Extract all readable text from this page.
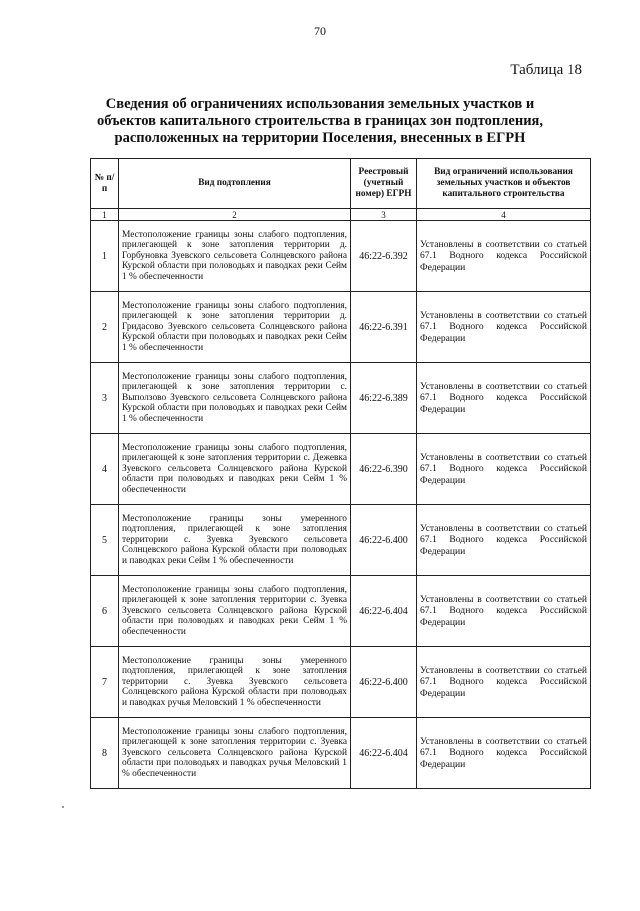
70
Таблица 18
Сведения об ограничениях использования земельных участков и
объектов капитального строительства в границах зон подтопления,
расположенных на территории Поселения, внесенных в ЕГРН
№ п/п	Вид подтопления	Реестровый (учетный номер) ЕГРН	Вид ограничений использования земельных участков и объектов капитального строительства
1	2	3	4
1	Местоположение границы зоны слабого подтопления, прилегающей к зоне затопления территории д. Горбуновка Зуевского сельсовета Солнцевского района Курской области при половодьях и паводках реки Сейм 1 % обеспеченности	46:22-6.392	Установлены в соответствии со статьей 67.1 Водного кодекса Российской Федерации
2	Местоположение границы зоны слабого подтопления, прилегающей к зоне затопления территории д. Гридасово Зуевского сельсовета Солнцевского района Курской области при половодьях и паводках реки Сейм 1 % обеспеченности	46:22-6.391	Установлены в соответствии со статьей 67.1 Водного кодекса Российской Федерации
3	Местоположение границы зоны слабого подтопления, прилегающей к зоне затопления территории с. Выползово Зуевского сельсовета Солнцевского района Курской области при половодьях и паводках реки Сейм 1 % обеспеченности	46:22-6.389	Установлены в соответствии со статьей 67.1 Водного кодекса Российской Федерации
4	Местоположение границы зоны слабого подтопления, прилегающей к зоне затопления территории с. Дежевка Зуевского сельсовета Солнцевского района Курской области при половодьях и паводках реки Сейм 1 % обеспеченности	46:22-6.390	Установлены в соответствии со статьей 67.1 Водного кодекса Российской Федерации
5	Местоположение границы зоны умеренного подтопления, прилегающей к зоне затопления территории с. Зуевка Зуевского сельсовета Солнцевского района Курской области при половодьях и паводках реки Сейм 1 % обеспеченности	46:22-6.400	Установлены в соответствии со статьей 67.1 Водного кодекса Российской Федерации
6	Местоположение границы зоны слабого подтопления, прилегающей к зоне затопления территории с. Зуевка Зуевского сельсовета Солнцевского района Курской области при половодьях и паводках реки Сейм 1 % обеспеченности	46:22-6.404	Установлены в соответствии со статьей 67.1 Водного кодекса Российской Федерации
7	Местоположение границы зоны умеренного подтопления, прилегающей к зоне затопления территории с. Зуевка Зуевского сельсовета Солнцевского района Курской области при половодьях и паводках ручья Меловский 1 % обеспеченности	46:22-6.400	Установлены в соответствии со статьей 67.1 Водного кодекса Российской Федерации
8	Местоположение границы зоны слабого подтопления, прилегающей к зоне затопления территории с. Зуевка Зуевского сельсовета Солнцевского района Курской области при половодьях и паводках ручья Меловский 1 % обеспеченности	46:22-6.404	Установлены в соответствии со статьей 67.1 Водного кодекса Российской Федерации
